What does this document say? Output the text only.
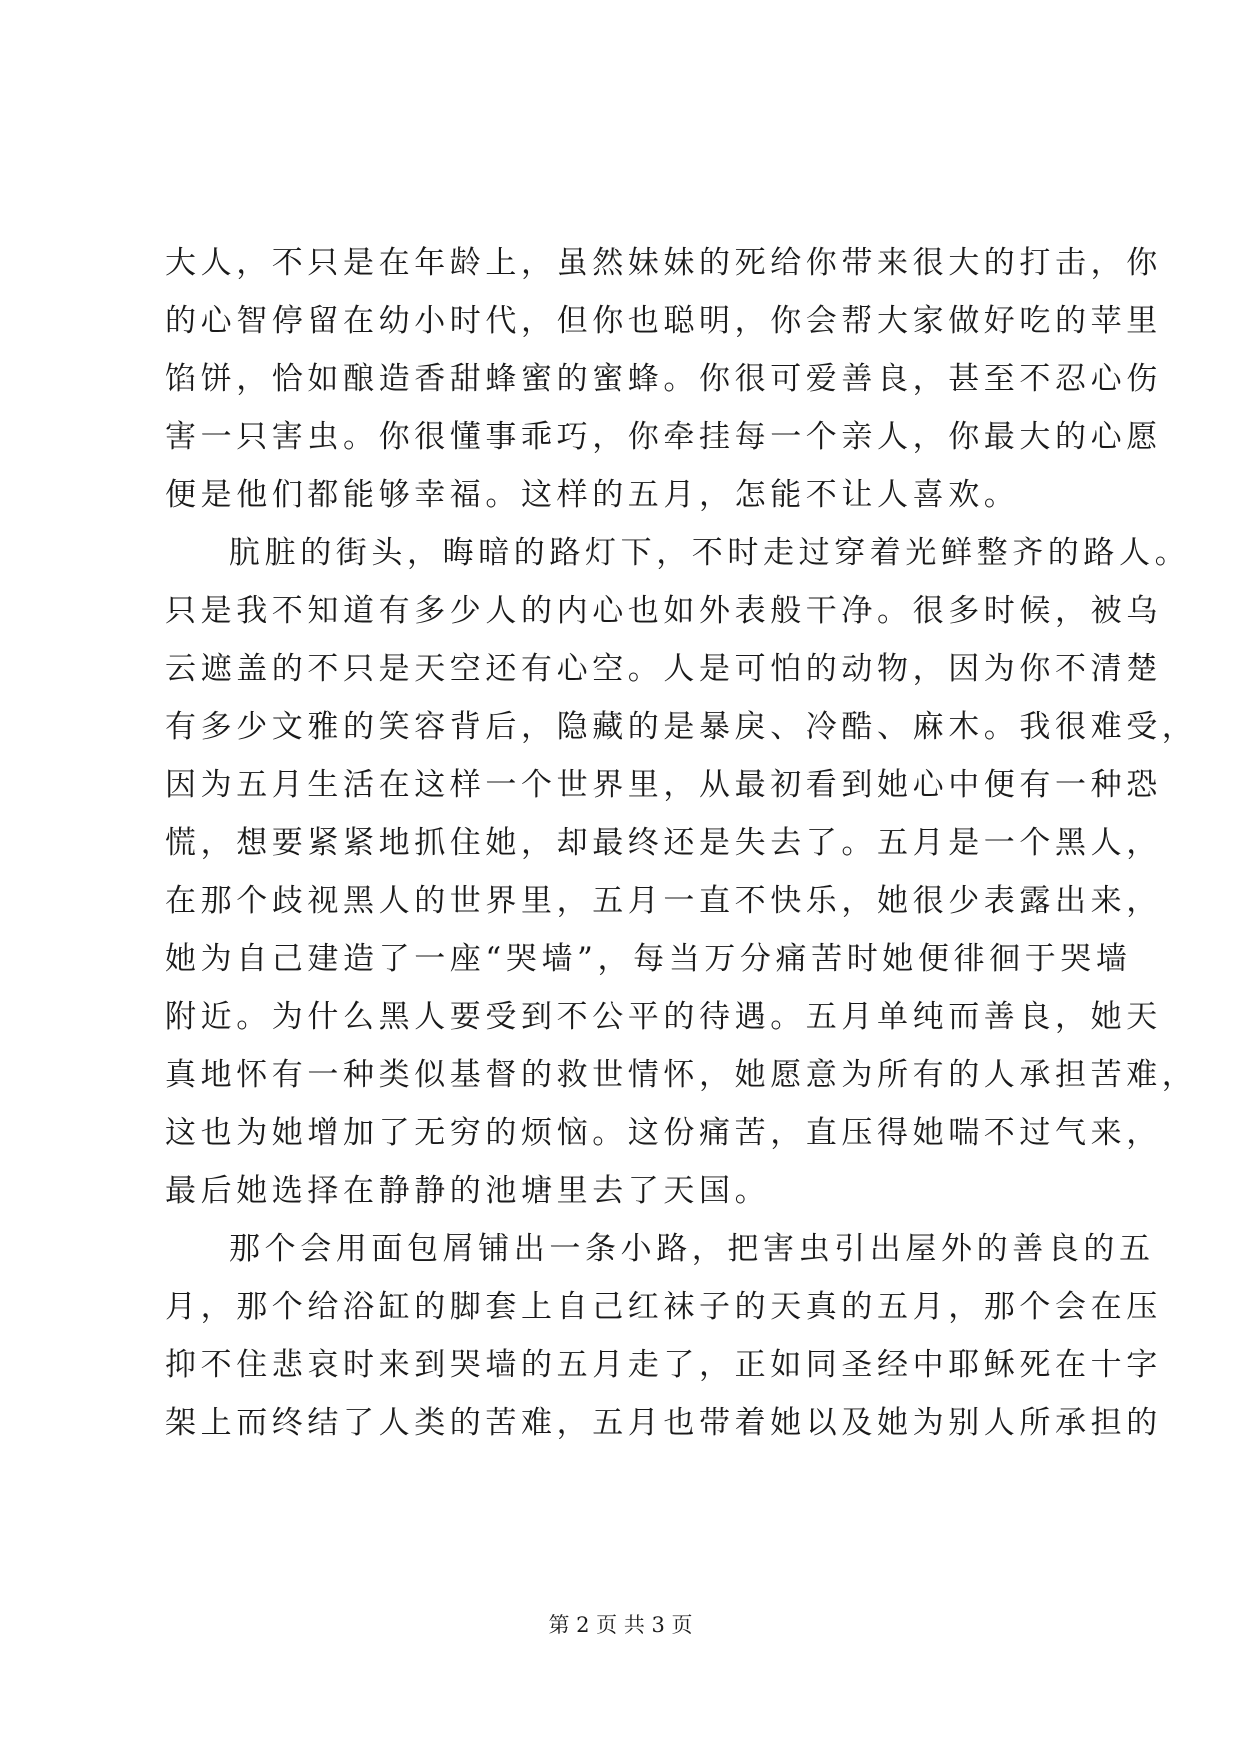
大人，不只是在年龄上，虽然妹妹的死给你带来很大的打击，你
的心智停留在幼小时代，但你也聪明，你会帮大家做好吃的苹里
馅饼，恰如酿造香甜蜂蜜的蜜蜂。你很可爱善良，甚至不忍心伤
害一只害虫。你很懂事乖巧，你牵挂每一个亲人，你最大的心愿
便是他们都能够幸福。这样的五月，怎能不让人喜欢。
肮脏的街头，晦暗的路灯下，不时走过穿着光鲜整齐的路人。
只是我不知道有多少人的内心也如外表般干净。很多时候，被乌
云遮盖的不只是天空还有心空。人是可怕的动物，因为你不清楚
有多少文雅的笑容背后，隐藏的是暴戾、冷酷、麻木。我很难受，
因为五月生活在这样一个世界里，从最初看到她心中便有一种恐
慌，想要紧紧地抓住她，却最终还是失去了。五月是一个黑人，
在那个歧视黑人的世界里，五月一直不快乐，她很少表露出来，
她为自己建造了一座“哭墙”，每当万分痛苦时她便徘徊于哭墙
附近。为什么黑人要受到不公平的待遇。五月单纯而善良，她天
真地怀有一种类似基督的救世情怀，她愿意为所有的人承担苦难，
这也为她增加了无穷的烦恼。这份痛苦，直压得她喘不过气来，
最后她选择在静静的池塘里去了天国。
那个会用面包屑铺出一条小路，把害虫引出屋外的善良的五
月，那个给浴缸的脚套上自己红袜子的天真的五月，那个会在压
抑不住悲哀时来到哭墙的五月走了，正如同圣经中耶稣死在十字
架上而终结了人类的苦难，五月也带着她以及她为别人所承担的
第 2 页 共 3 页
